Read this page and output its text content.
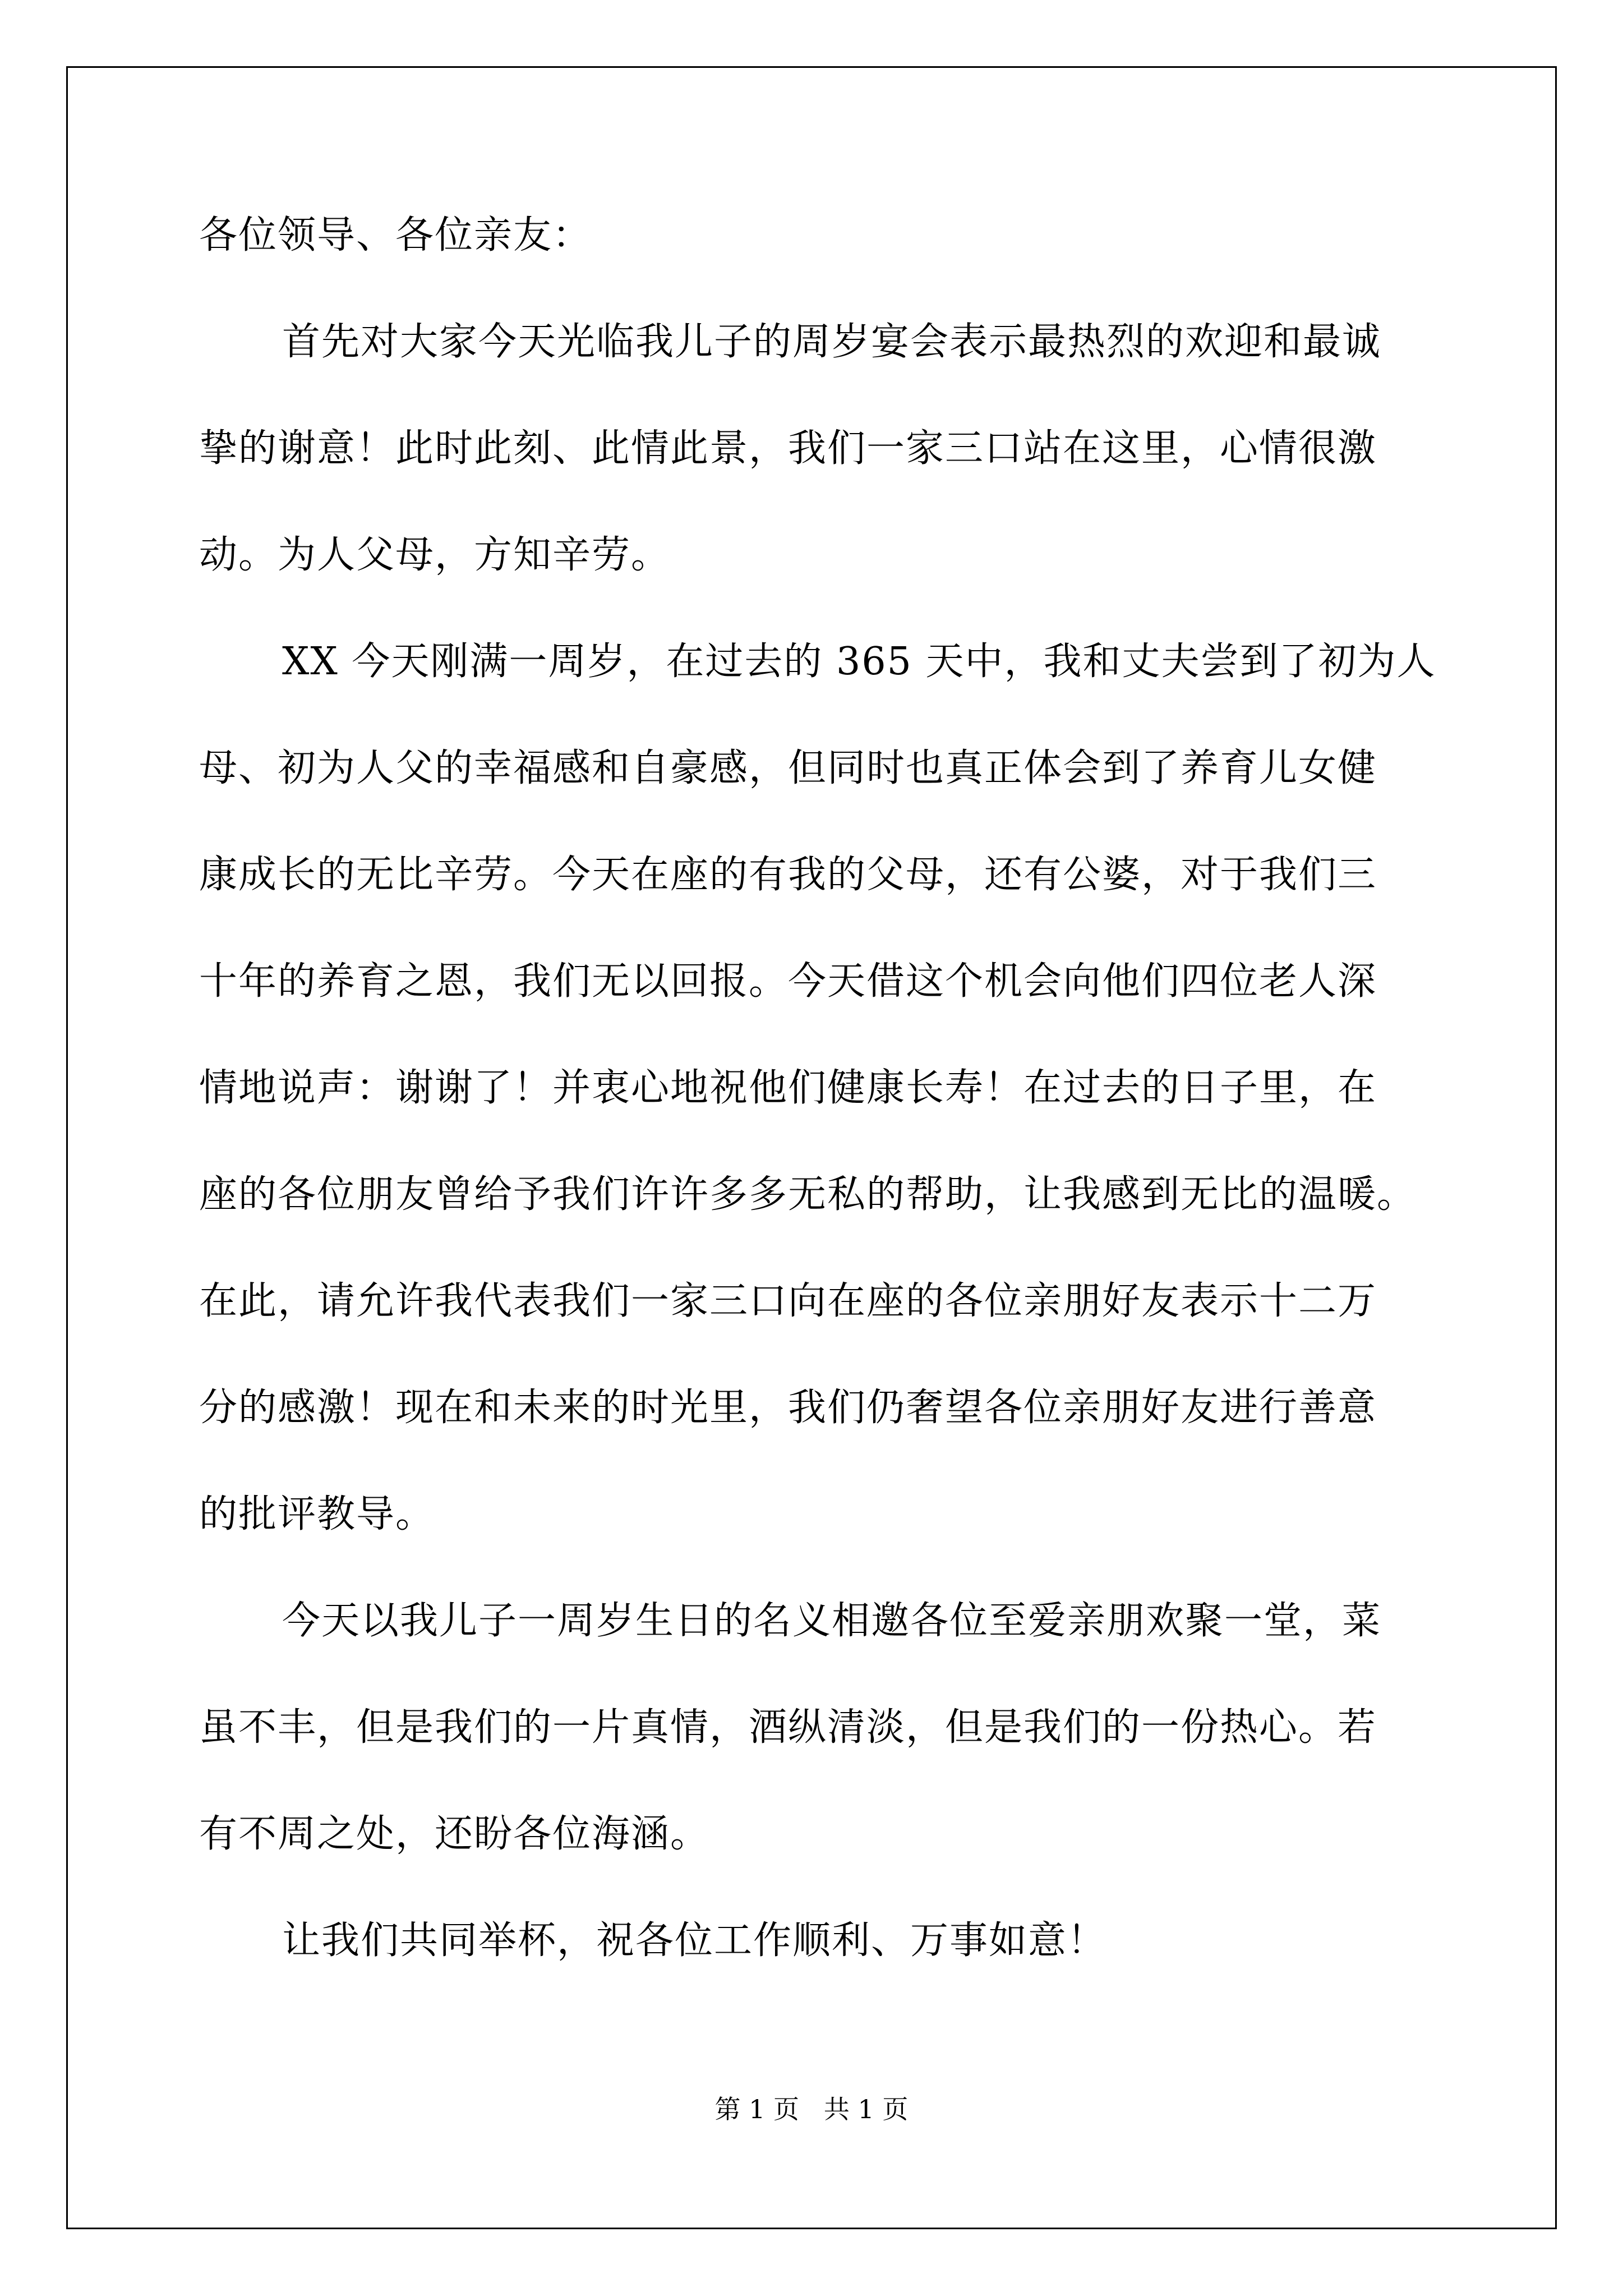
各位领导、各位亲友：
首先对大家今天光临我儿子的周岁宴会表示最热烈的欢迎和最诚
挚的谢意！此时此刻、此情此景，我们一家三口站在这里，心情很激
动。为人父母，方知辛劳。
XX 今天刚满一周岁，在过去的 365 天中，我和丈夫尝到了初为人
母、初为人父的幸福感和自豪感，但同时也真正体会到了养育儿女健
康成长的无比辛劳。今天在座的有我的父母，还有公婆，对于我们三
十年的养育之恩，我们无以回报。今天借这个机会向他们四位老人深
情地说声：谢谢了！并衷心地祝他们健康长寿！在过去的日子里，在
座的各位朋友曾给予我们许许多多无私的帮助，让我感到无比的温暖。
在此，请允许我代表我们一家三口向在座的各位亲朋好友表示十二万
分的感激！现在和未来的时光里，我们仍奢望各位亲朋好友进行善意
的批评教导。
今天以我儿子一周岁生日的名义相邀各位至爱亲朋欢聚一堂，菜
虽不丰，但是我们的一片真情，酒纵清淡，但是我们的一份热心。若
有不周之处，还盼各位海涵。
让我们共同举杯，祝各位工作顺利、万事如意！
第 1 页   共 1 页
